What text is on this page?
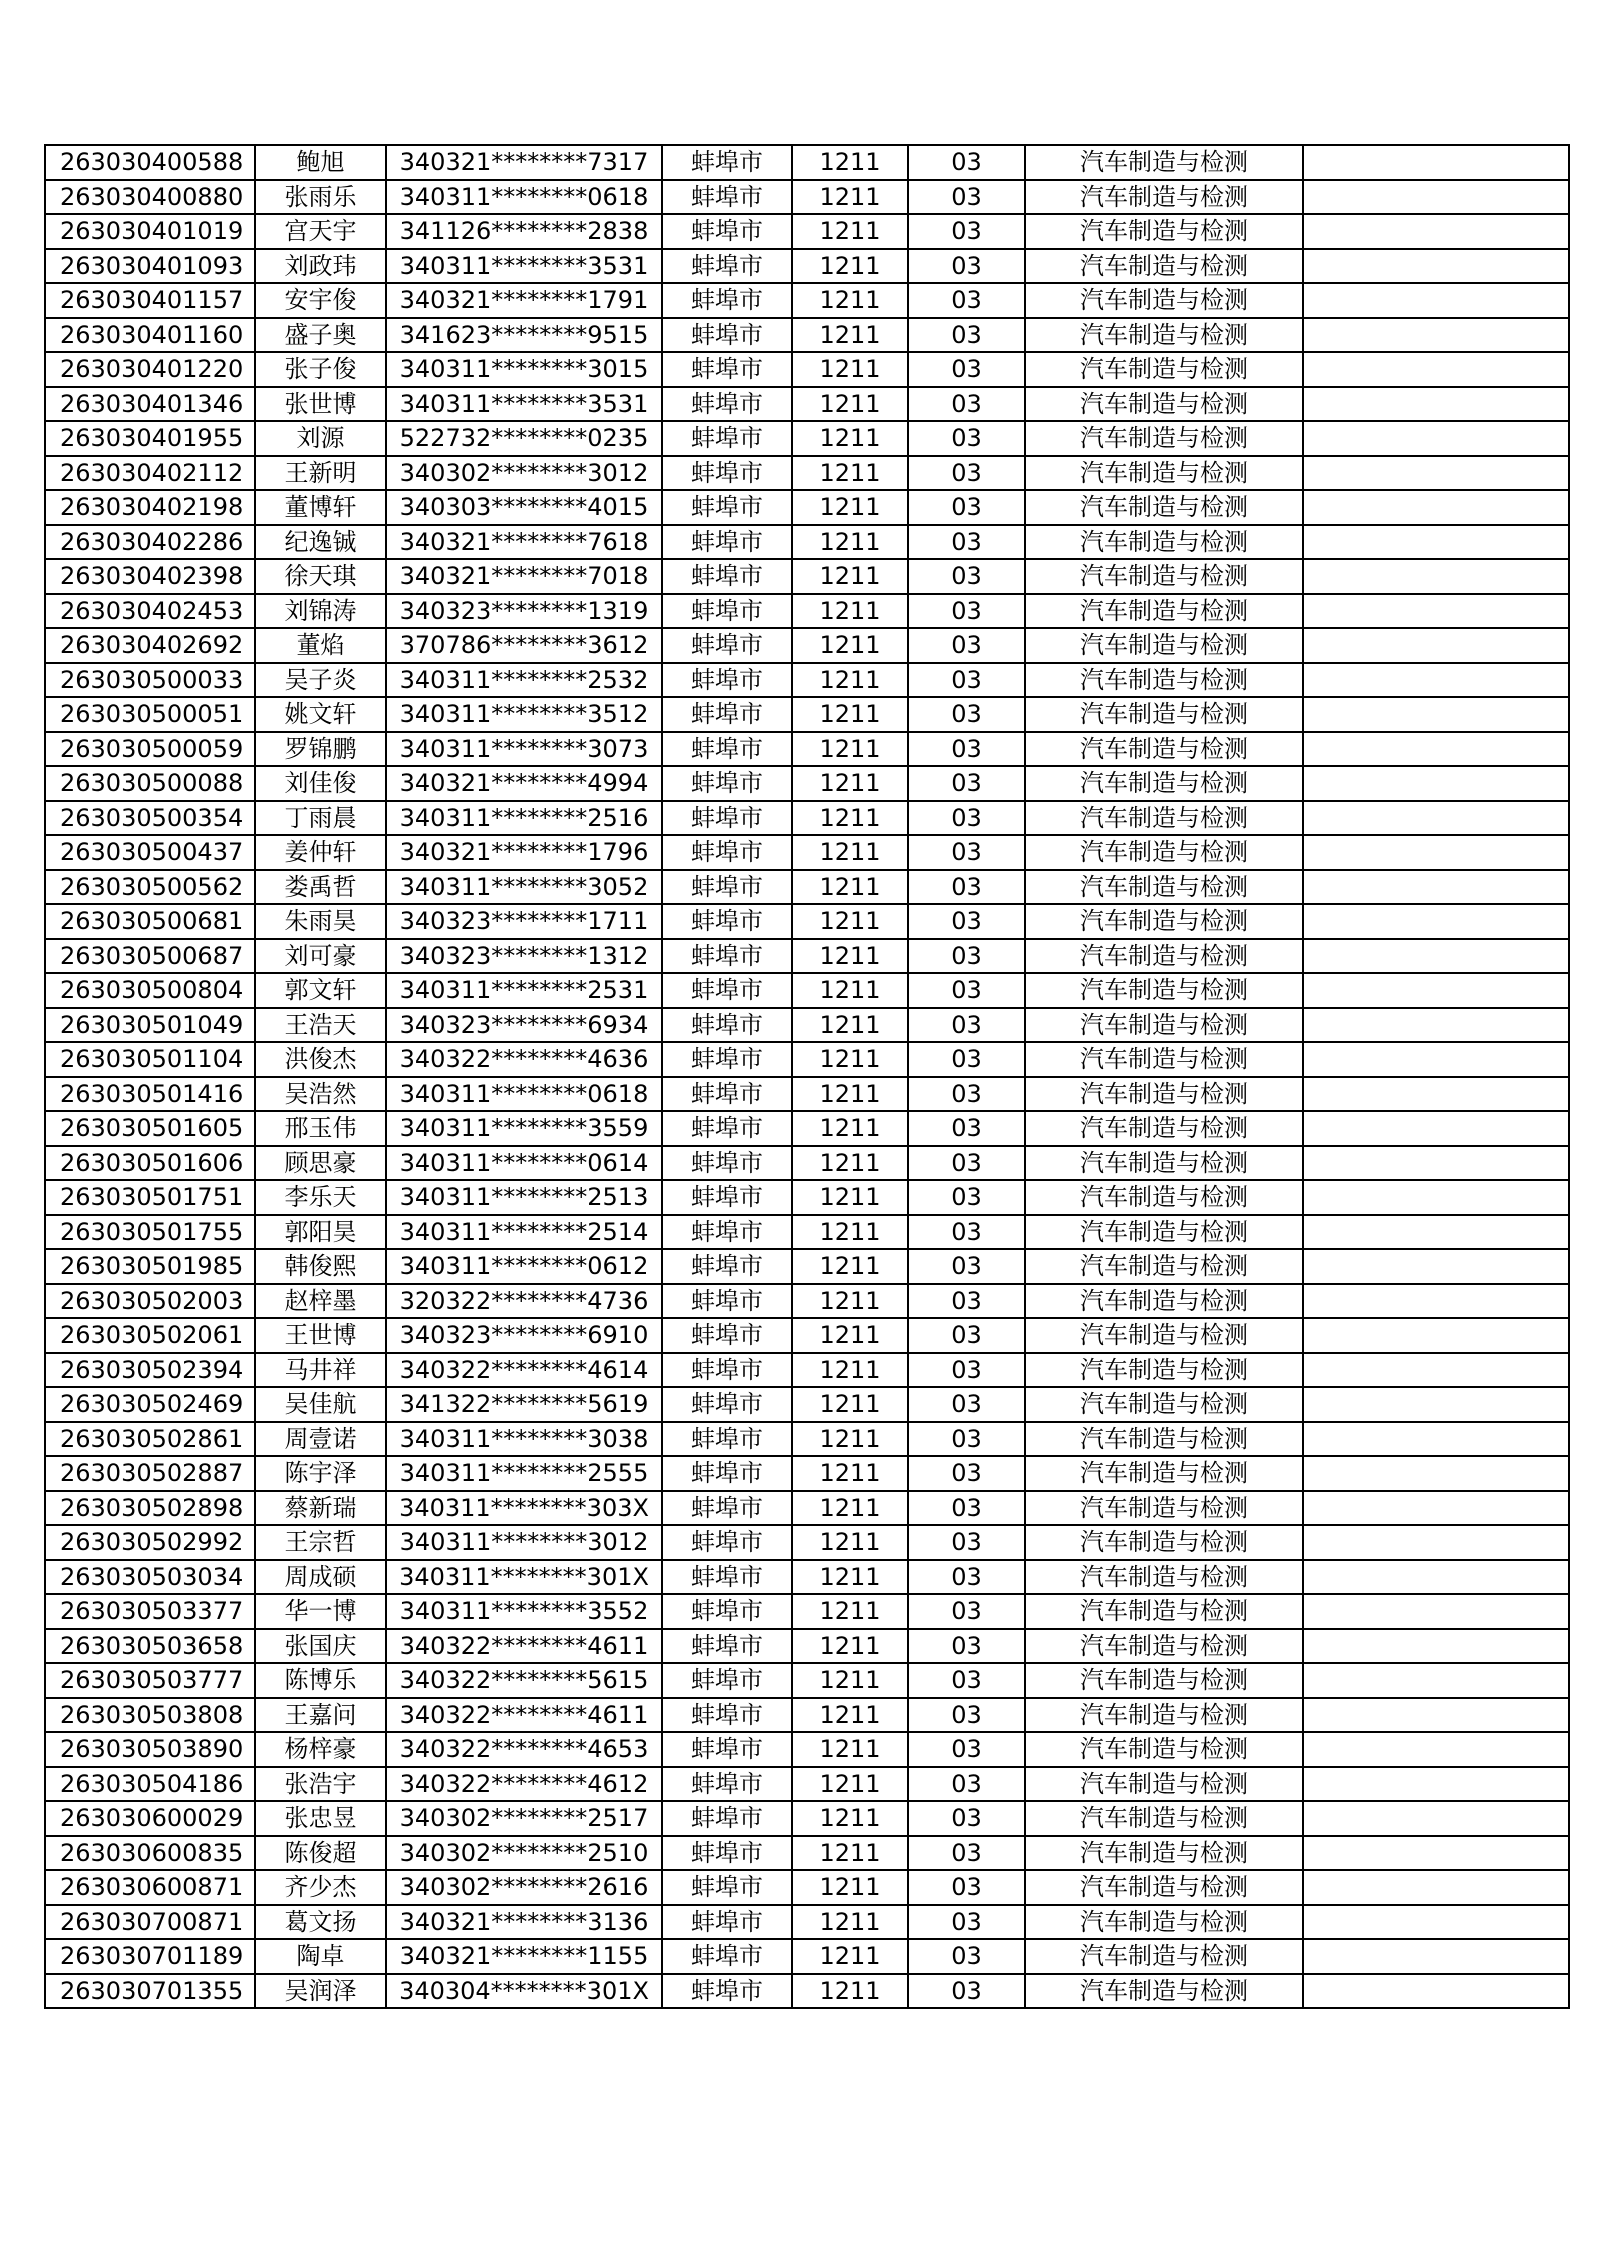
263030400588	鲍旭	340321********7317	蚌埠市	1211	03	汽车制造与检测	
263030400880	张雨乐	340311********0618	蚌埠市	1211	03	汽车制造与检测	
263030401019	宫天宇	341126********2838	蚌埠市	1211	03	汽车制造与检测	
263030401093	刘政玮	340311********3531	蚌埠市	1211	03	汽车制造与检测	
263030401157	安宇俊	340321********1791	蚌埠市	1211	03	汽车制造与检测	
263030401160	盛子奥	341623********9515	蚌埠市	1211	03	汽车制造与检测	
263030401220	张子俊	340311********3015	蚌埠市	1211	03	汽车制造与检测	
263030401346	张世博	340311********3531	蚌埠市	1211	03	汽车制造与检测	
263030401955	刘源	522732********0235	蚌埠市	1211	03	汽车制造与检测	
263030402112	王新明	340302********3012	蚌埠市	1211	03	汽车制造与检测	
263030402198	董博轩	340303********4015	蚌埠市	1211	03	汽车制造与检测	
263030402286	纪逸铖	340321********7618	蚌埠市	1211	03	汽车制造与检测	
263030402398	徐天琪	340321********7018	蚌埠市	1211	03	汽车制造与检测	
263030402453	刘锦涛	340323********1319	蚌埠市	1211	03	汽车制造与检测	
263030402692	董焰	370786********3612	蚌埠市	1211	03	汽车制造与检测	
263030500033	吴子炎	340311********2532	蚌埠市	1211	03	汽车制造与检测	
263030500051	姚文轩	340311********3512	蚌埠市	1211	03	汽车制造与检测	
263030500059	罗锦鹏	340311********3073	蚌埠市	1211	03	汽车制造与检测	
263030500088	刘佳俊	340321********4994	蚌埠市	1211	03	汽车制造与检测	
263030500354	丁雨晨	340311********2516	蚌埠市	1211	03	汽车制造与检测	
263030500437	姜仲轩	340321********1796	蚌埠市	1211	03	汽车制造与检测	
263030500562	娄禹哲	340311********3052	蚌埠市	1211	03	汽车制造与检测	
263030500681	朱雨昊	340323********1711	蚌埠市	1211	03	汽车制造与检测	
263030500687	刘可豪	340323********1312	蚌埠市	1211	03	汽车制造与检测	
263030500804	郭文轩	340311********2531	蚌埠市	1211	03	汽车制造与检测	
263030501049	王浩天	340323********6934	蚌埠市	1211	03	汽车制造与检测	
263030501104	洪俊杰	340322********4636	蚌埠市	1211	03	汽车制造与检测	
263030501416	吴浩然	340311********0618	蚌埠市	1211	03	汽车制造与检测	
263030501605	邢玉伟	340311********3559	蚌埠市	1211	03	汽车制造与检测	
263030501606	顾思豪	340311********0614	蚌埠市	1211	03	汽车制造与检测	
263030501751	李乐天	340311********2513	蚌埠市	1211	03	汽车制造与检测	
263030501755	郭阳昊	340311********2514	蚌埠市	1211	03	汽车制造与检测	
263030501985	韩俊熙	340311********0612	蚌埠市	1211	03	汽车制造与检测	
263030502003	赵梓墨	320322********4736	蚌埠市	1211	03	汽车制造与检测	
263030502061	王世博	340323********6910	蚌埠市	1211	03	汽车制造与检测	
263030502394	马井祥	340322********4614	蚌埠市	1211	03	汽车制造与检测	
263030502469	吴佳航	341322********5619	蚌埠市	1211	03	汽车制造与检测	
263030502861	周壹诺	340311********3038	蚌埠市	1211	03	汽车制造与检测	
263030502887	陈宇泽	340311********2555	蚌埠市	1211	03	汽车制造与检测	
263030502898	蔡新瑞	340311********303X	蚌埠市	1211	03	汽车制造与检测	
263030502992	王宗哲	340311********3012	蚌埠市	1211	03	汽车制造与检测	
263030503034	周成硕	340311********301X	蚌埠市	1211	03	汽车制造与检测	
263030503377	华一博	340311********3552	蚌埠市	1211	03	汽车制造与检测	
263030503658	张国庆	340322********4611	蚌埠市	1211	03	汽车制造与检测	
263030503777	陈博乐	340322********5615	蚌埠市	1211	03	汽车制造与检测	
263030503808	王嘉问	340322********4611	蚌埠市	1211	03	汽车制造与检测	
263030503890	杨梓豪	340322********4653	蚌埠市	1211	03	汽车制造与检测	
263030504186	张浩宇	340322********4612	蚌埠市	1211	03	汽车制造与检测	
263030600029	张忠昱	340302********2517	蚌埠市	1211	03	汽车制造与检测	
263030600835	陈俊超	340302********2510	蚌埠市	1211	03	汽车制造与检测	
263030600871	齐少杰	340302********2616	蚌埠市	1211	03	汽车制造与检测	
263030700871	葛文扬	340321********3136	蚌埠市	1211	03	汽车制造与检测	
263030701189	陶卓	340321********1155	蚌埠市	1211	03	汽车制造与检测	
263030701355	吴润泽	340304********301X	蚌埠市	1211	03	汽车制造与检测	
